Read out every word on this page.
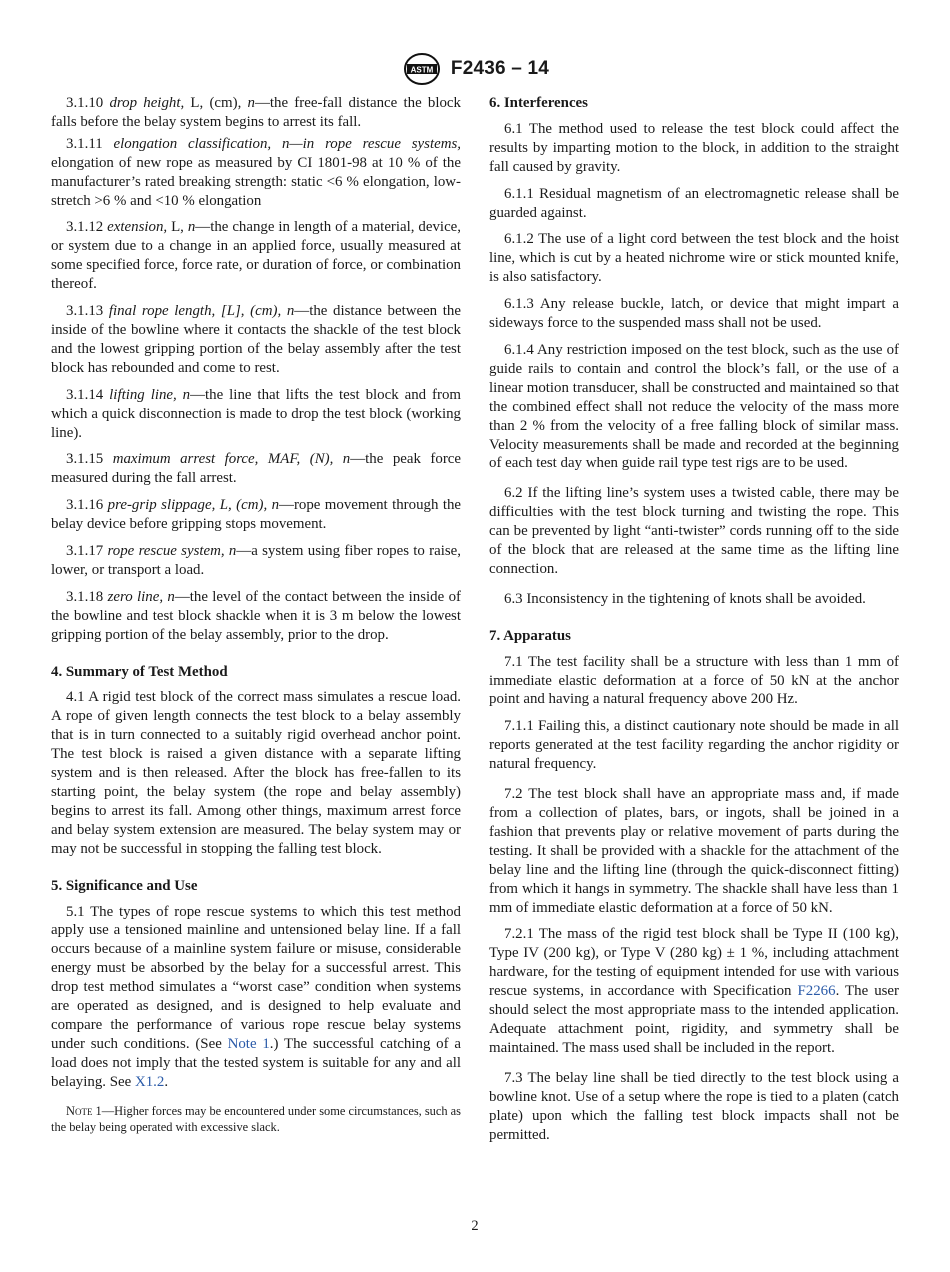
ASTM F2436 – 14

3.1.10 drop height, L, (cm), n—the free-fall distance the block falls before the belay system begins to arrest its fall.

3.1.11 elongation classification, n—in rope rescue systems, elongation of new rope as measured by CI 1801-98 at 10 % of the manufacturer’s rated breaking strength: static <6 % elongation, low-stretch >6 % and <10 % elongation

3.1.12 extension, L, n—the change in length of a material, device, or system due to a change in an applied force, usually measured at some specified force, force rate, or duration of force, or combination thereof.

3.1.13 final rope length, [L], (cm), n—the distance between the inside of the bowline where it contacts the shackle of the test block and the lowest gripping portion of the belay assembly after the test block has rebounded and come to rest.

3.1.14 lifting line, n—the line that lifts the test block and from which a quick disconnection is made to drop the test block (working line).

3.1.15 maximum arrest force, MAF, (N), n—the peak force measured during the fall arrest.

3.1.16 pre-grip slippage, L, (cm), n—rope movement through the belay device before gripping stops movement.

3.1.17 rope rescue system, n—a system using fiber ropes to raise, lower, or transport a load.

3.1.18 zero line, n—the level of the contact between the inside of the bowline and test block shackle when it is 3 m below the lowest gripping portion of the belay assembly, prior to the drop.

4. Summary of Test Method

4.1 A rigid test block of the correct mass simulates a rescue load. A rope of given length connects the test block to a belay assembly that is in turn connected to a suitably rigid overhead anchor point. The test block is raised a given distance with a separate lifting system and is then released. After the block has free-fallen to its starting point, the belay system (the rope and belay assembly) begins to arrest its fall. Among other things, maximum arrest force and belay system extension are measured. The belay system may or may not be successful in stopping the falling test block.

5. Significance and Use

5.1 The types of rope rescue systems to which this test method apply use a tensioned mainline and untensioned belay line. If a fall occurs because of a mainline system failure or misuse, considerable energy must be absorbed by the belay for a successful arrest. This drop test method simulates a “worst case” condition when systems are operated as designed, and is designed to help evaluate and compare the performance of various rope rescue belay systems under such conditions. (See Note 1.) The successful catching of a load does not imply that the tested system is suitable for any and all belaying. See X1.2.

Note 1—Higher forces may be encountered under some circumstances, such as the belay being operated with excessive slack.

6. Interferences

6.1 The method used to release the test block could affect the results by imparting motion to the block, in addition to the straight fall caused by gravity.

6.1.1 Residual magnetism of an electromagnetic release shall be guarded against.

6.1.2 The use of a light cord between the test block and the hoist line, which is cut by a heated nichrome wire or stick mounted knife, is also satisfactory.

6.1.3 Any release buckle, latch, or device that might impart a sideways force to the suspended mass shall not be used.

6.1.4 Any restriction imposed on the test block, such as the use of guide rails to contain and control the block’s fall, or the use of a linear motion transducer, shall be constructed and maintained so that the combined effect shall not reduce the velocity of the mass more than 2 % from the velocity of a free falling block of similar mass. Velocity measurements shall be made and recorded at the beginning of each test day when guide rail type test rigs are to be used.

6.2 If the lifting line’s system uses a twisted cable, there may be difficulties with the test block turning and twisting the rope. This can be prevented by light “anti-twister” cords running off to the side of the block that are released at the same time as the lifting line connection.

6.3 Inconsistency in the tightening of knots shall be avoided.

7. Apparatus

7.1 The test facility shall be a structure with less than 1 mm of immediate elastic deformation at a force of 50 kN at the anchor point and having a natural frequency above 200 Hz.

7.1.1 Failing this, a distinct cautionary note should be made in all reports generated at the test facility regarding the anchor rigidity or natural frequency.

7.2 The test block shall have an appropriate mass and, if made from a collection of plates, bars, or ingots, shall be joined in a fashion that prevents play or relative movement of parts during the testing. It shall be provided with a shackle for the attachment of the belay line and the lifting line (through the quick-disconnect fitting) from which it hangs in symmetry. The shackle shall have less than 1 mm of immediate elastic deformation at a force of 50 kN.

7.2.1 The mass of the rigid test block shall be Type II (100 kg), Type IV (200 kg), or Type V (280 kg) ± 1 %, including attachment hardware, for the testing of equipment intended for use with various rescue systems, in accordance with Specification F2266. The user should select the most appropriate mass to the intended application. Adequate attachment point, rigidity, and symmetry shall be maintained. The mass used shall be included in the report.

7.3 The belay line shall be tied directly to the test block using a bowline knot. Use of a setup where the rope is tied to a platen (catch plate) upon which the falling test block impacts shall not be permitted.

2
